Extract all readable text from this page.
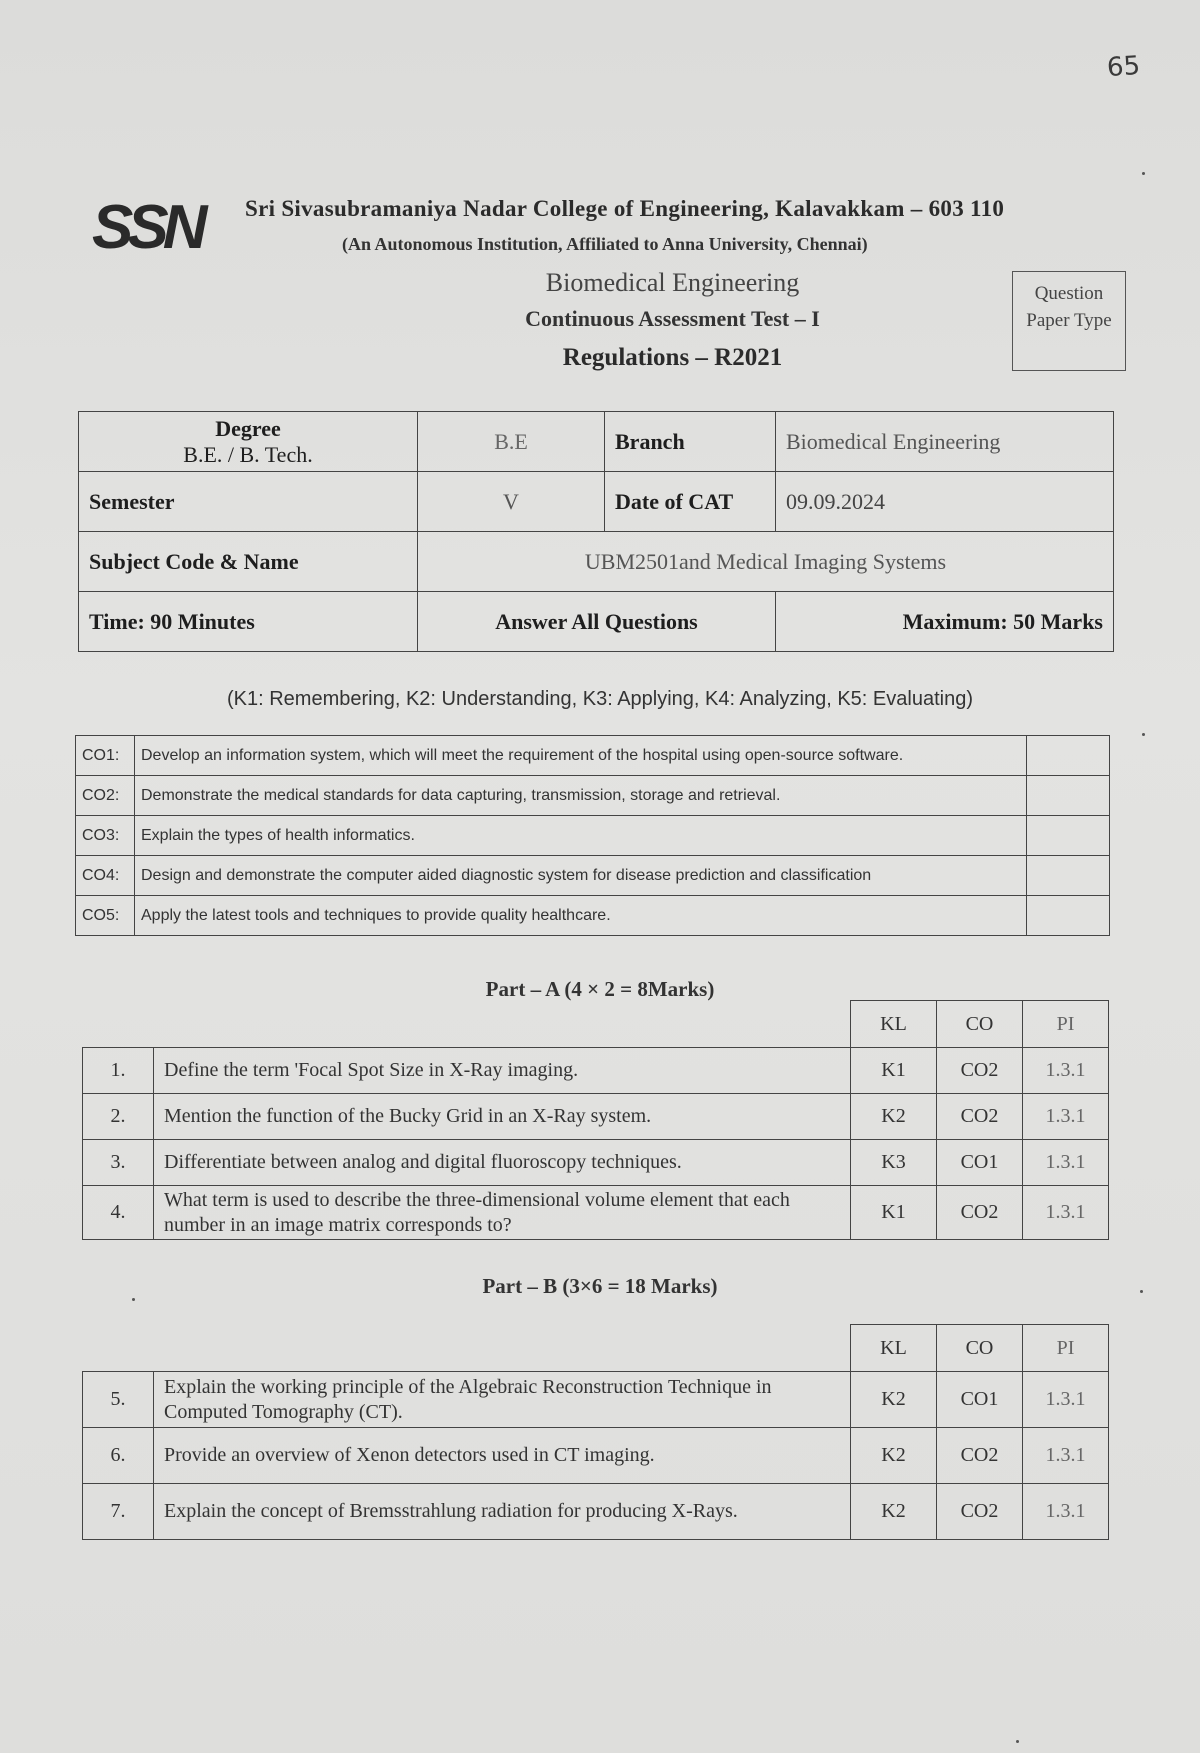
65
SSN	Sri Sivasubramaniya Nadar College of Engineering, Kalavakkam – 603 110
(An Autonomous Institution, Affiliated to Anna University, Chennai)
Biomedical Engineering
Continuous Assessment Test – I
Regulations – R2021
Question Paper Type
Degree
B.E. / B. Tech.	B.E	Branch	Biomedical Engineering
Semester	V	Date of CAT	09.09.2024
Subject Code & Name	UBM2501and Medical Imaging Systems		
Time: 90 Minutes	Answer All Questions		Maximum: 50 Marks
(K1: Remembering, K2: Understanding, K3: Applying, K4: Analyzing, K5: Evaluating)
CO1:	Develop an information system, which will meet the requirement of the hospital using open-source software.	
CO2:	Demonstrate the medical standards for data capturing, transmission, storage and retrieval.	
CO3:	Explain the types of health informatics.	
CO4:	Design and demonstrate the computer aided diagnostic system for disease prediction and classification	
CO5:	Apply the latest tools and techniques to provide quality healthcare.	
Part – A (4 × 2 = 8Marks)
		KL	CO	PI
1.	Define the term 'Focal Spot Size in X-Ray imaging.	K1	CO2	1.3.1
2.	Mention the function of the Bucky Grid in an X-Ray system.	K2	CO2	1.3.1
3.	Differentiate between analog and digital fluoroscopy techniques.	K3	CO1	1.3.1
4.	What term is used to describe the three-dimensional volume element that each number in an image matrix corresponds to?	K1	CO2	1.3.1
Part – B (3×6 = 18 Marks)
		KL	CO	PI
5.	Explain the working principle of the Algebraic Reconstruction Technique in Computed Tomography (CT).	K2	CO1	1.3.1
6.	Provide an overview of Xenon detectors used in CT imaging.	K2	CO2	1.3.1
7.	Explain the concept of Bremsstrahlung radiation for producing X-Rays.	K2	CO2	1.3.1
